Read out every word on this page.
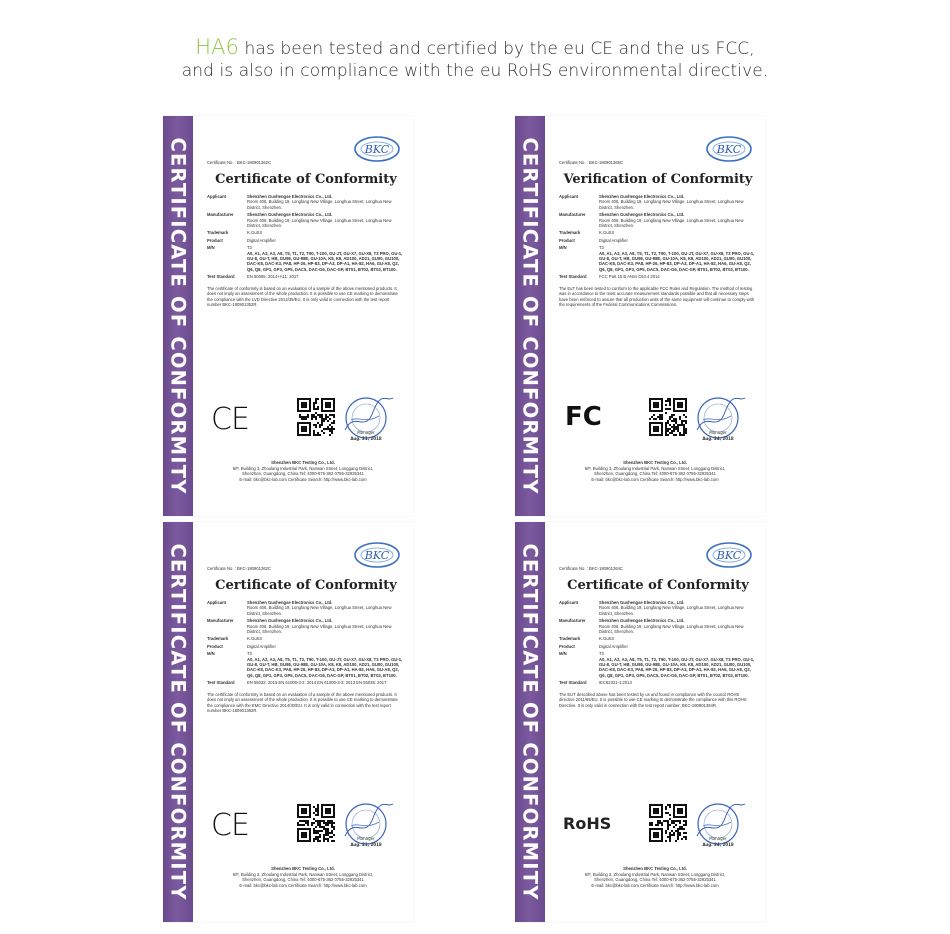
HA6 has been tested and certified by the eu CE and the us FCC,
and is also in compliance with the eu RoHS environmental directive.
CERTIFICATE OF CONFORMITY	BKC
Certificate No. : BKC-180901362C
Certificate of Conformity
Applicant	Shenzhen Gushengse Electronics Co., Ltd.
Room 406, Building 19, Longfang New Village, Longhua Street, Longhua New District, Shenzhen.
Manufacturer	Shenzhen Gushengse Electronics Co., Ltd.
Room 406, Building 19, Longfang New Village, Longhua Street, Longhua New District, Shenzhen.
Trademark	K.GuSS
Product	Digital Amplifier
M/N	T3
A0, A1, A2, A3, A8, T5, T1, T2, T90, T-100, GU-JT, GU-X7, GU-X8, T3 PRO, GU-1, GU-8, GU-T, HB, GU98, GU-98E, GU-10A, K8, K8, AD100, AD21, GU00, GU100, DAC-K8, DAC-K3, PA8, HP-26, HP-83, DP-A3, DP-A1, HA-82, HA6, GU-A8, Q2, Q6, Q8, GP1, GP3, GP5, DAC5, DAC-G6, DAC-GP, BT01, BT02, BT03, BT100.
Test Standard	EN 60065: 2014+A11: 2017
The certificate of conformity is based on an evaluation of a sample of the above mentioned products. It does not imply an assessment of the whole production. It is possible to use CE marking to demonstrate the compliance with the LVD Directive 2014/35/EU. It is only valid in connection with the test report number BKC-180901362R.
CE	Manager
Aug. 21, 2018
Shenzhen BKC Testing Co., Ltd.
6/F, Building 3, Zhoulang Industrial Park, Nanwan Street, Longgang District,
Shenzhen, Guangdong, China Tel: 4000-675-362 0755-32925341
E-mail: bkc@bkc-lab.com Certificate Search: http://www.bkc-lab.com	CERTIFICATE OF CONFORMITY	BKC
Certificate No. : BKC-180901365C
Verification of Conformity
Applicant	Shenzhen Gushengse Electronics Co., Ltd.
Room 406, Building 19, Longfang New Village, Longhua Street, Longhua New District, Shenzhen.
Manufacturer	Shenzhen Gushengse Electronics Co., Ltd.
Room 406, Building 19, Longfang New Village, Longhua Street, Longhua New District, Shenzhen.
Trademark	K.GuSS
Product	Digital Amplifier
M/N	T3
A0, A1, A2, A3, A8, T5, T1, T2, T90, T-100, GU-JT, GU-X7, GU-X8, T3 PRO, GU-1, GU-8, GU-T, HB, GU98, GU-98E, GU-10A, K8, K8, AD100, AD21, GU00, GU100, DAC-K8, DAC-K3, PA8, HP-26, HP-83, DP-A3, DP-A1, HA-82, HA6, GU-A8, Q2, Q6, Q8, GP1, GP3, GP5, DAC5, DAC-G6, DAC-GP, BT01, BT02, BT03, BT100.
Test Standard	FCC Part 15 B ANSI C63.4 2014
The EuT has been tested to conform to the applicable FCC Rules and Regulation. The method of testing was in accordance to the most accurate measurement standards possible and that all necessary steps have been enforced to assure that all production units of the same equipment will continue to comply with the requirements of the Federal Communications Commissions.
FC
Manager
Aug. 24, 2018
Shenzhen BKC Testing Co., Ltd.
6/F, Building 3, Zhoulang Industrial Park, Nanwan Street, Longgang District,
Shenzhen, Guangdong, China Tel: 4000-675-362 0755-32925341
E-mail: bkc@bkc-lab.com Certificate Search: http://www.bkc-lab.com
CERTIFICATE OF CONFORMITY	BKC
Certificate No. : BKC-180901362C
Certificate of Conformity
Applicant	Shenzhen Gushengse Electronics Co., Ltd.
Room 406, Building 19, Longfang New Village, Longhua Street, Longhua New District, Shenzhen.
Manufacturer	Shenzhen Gushengse Electronics Co., Ltd.
Room 406, Building 19, Longfang New Village, Longhua Street, Longhua New District, Shenzhen.
Trademark	K.GuSS
Product	Digital Amplifier
M/N	T3
A0, A1, A2, A3, A8, T5, T1, T2, T90, T-100, GU-JT, GU-X7, GU-X8, T3 PRO, GU-1, GU-8, GU-T, HB, GU98, GU-98E, GU-10A, K8, K8, AD100, AD21, GU00, GU100, DAC-K8, DAC-K3, PA8, HP-26, HP-83, DP-A3, DP-A1, HA-82, HA6, GU-A8, Q2, Q6, Q8, GP1, GP3, GP5, DAC5, DAC-G6, DAC-GP, BT01, BT02, BT03, BT100.
Test Standard	EN 55032: 2015 EN 61000-3-2: 2014 EN 61000-3-3: 2013 EN 55035: 2017
The certificate of conformity is based on an evaluation of a sample of the above mentioned products. It does not imply an assessment of the whole production. It is possible to use CE marking to demonstrate the compliance with the EMC Directive 2014/30/EU. It is only valid in connection with the test report number BKC-180901362R.
CE	Manager
Aug. 21, 2018
Shenzhen BKC Testing Co., Ltd.
6/F, Building 3, Zhoulang Industrial Park, Nanwan Street, Longgang District,
Shenzhen, Guangdong, China Tel: 4000-675-362 0755-32925341
E-mail: bkc@bkc-lab.com Certificate Search: http://www.bkc-lab.com	CERTIFICATE OF CONFORMITY	BKC
Certificate No. : BKC-180901364C
Certificate of Conformity
Applicant	Shenzhen Gushengse Electronics Co., Ltd.
Room 406, Building 19, Longfang New Village, Longhua Street, Longhua New District, Shenzhen.
Manufacturer	Shenzhen Gushengse Electronics Co., Ltd.
Room 406, Building 19, Longfang New Village, Longhua Street, Longhua New District, Shenzhen.
Trademark	K.GuSS
Product	Digital Amplifier
M/N	T3
A0, A1, A2, A3, A8, T5, T1, T2, T90, T-100, GU-JT, GU-X7, GU-X8, T3 PRO, GU-1, GU-8, GU-T, HB, GU98, GU-98E, GU-10A, K8, K8, AD100, AD21, GU00, GU100, DAC-K8, DAC-K3, PA8, HP-26, HP-83, DP-A3, DP-A1, HA-82, HA6, GU-A8, Q2, Q6, Q8, GP1, GP3, GP5, DAC5, DAC-G6, DAC-GP, BT01, BT02, BT03, BT100.
Test Standard	IEC62321-1:2013
The EUT described above has been tested by us and found in compliance with the council ROHS directive 2011/65/EU. It is possible to use CE marking to demonstrate the compliance with this ROHS Directive. It is only valid in connection with the test report number: BKC-180901364R.
RoHS
Manager
Aug. 24, 2018
Shenzhen BKC Testing Co., Ltd.
6/F, Building 3, Zhoulang Industrial Park, Nanwan Street, Longgang District,
Shenzhen, Guangdong, China Tel: 4000-675-362 0755-32925341
E-mail: bkc@bkc-lab.com Certificate Search: http://www.bkc-lab.com
